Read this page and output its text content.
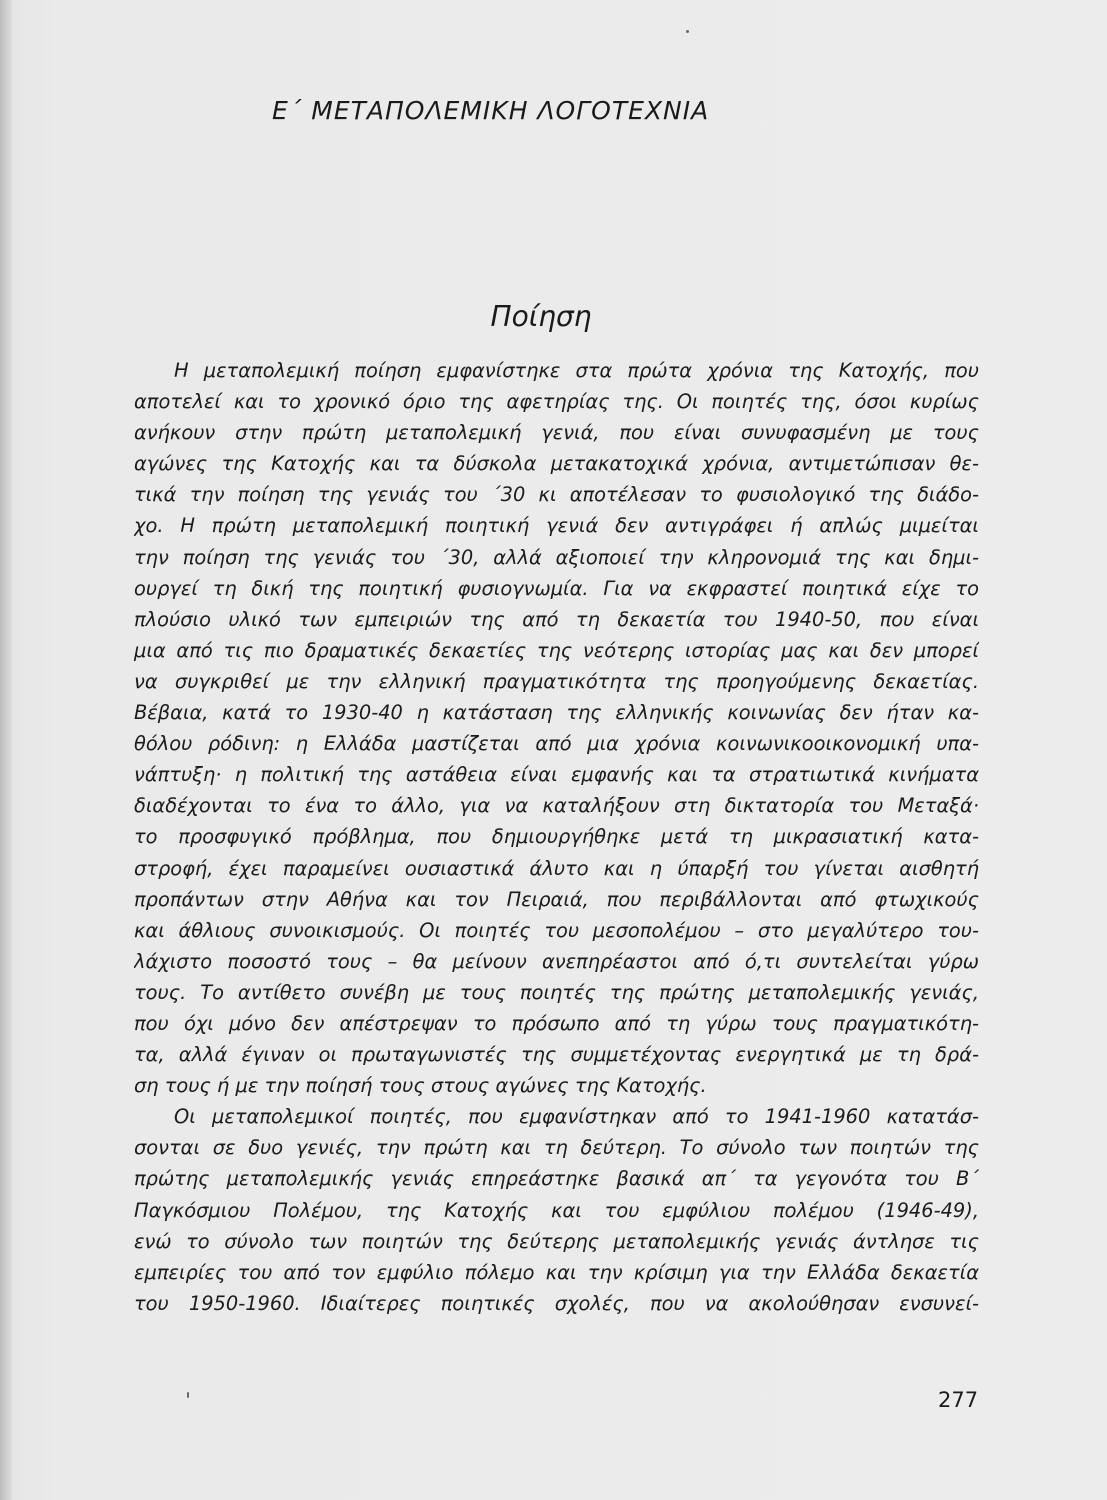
Ε΄ ΜΕΤΑΠΟΛΕΜΙΚΗ ΛΟΓΟΤΕΧΝΙΑ
Ποίηση
Η μεταπολεμική ποίηση εμφανίστηκε στα πρώτα χρόνια της Κατοχής, που
αποτελεί και το χρονικό όριο της αφετηρίας της. Οι ποιητές της, όσοι κυρίως
ανήκουν στην πρώτη μεταπολεμική γενιά, που είναι συνυφασμένη με τους
αγώνες της Κατοχής και τα δύσκολα μετακατοχικά χρόνια, αντιμετώπισαν θε-
τικά την ποίηση της γενιάς του ΄30 κι αποτέλεσαν το φυσιολογικό της διάδο-
χο. Η πρώτη μεταπολεμική ποιητική γενιά δεν αντιγράφει ή απλώς μιμείται
την ποίηση της γενιάς του ΄30, αλλά αξιοποιεί την κληρονομιά της και δημι-
ουργεί τη δική της ποιητική φυσιογνωμία. Για να εκφραστεί ποιητικά είχε το
πλούσιο υλικό των εμπειριών της από τη δεκαετία του 1940-50, που είναι
μια από τις πιο δραματικές δεκαετίες της νεότερης ιστορίας μας και δεν μπορεί
να συγκριθεί με την ελληνική πραγματικότητα της προηγούμενης δεκαετίας.
Βέβαια, κατά το 1930-40 η κατάσταση της ελληνικής κοινωνίας δεν ήταν κα-
θόλου ρόδινη: η Ελλάδα μαστίζεται από μια χρόνια κοινωνικοοικονομική υπα-
νάπτυξη· η πολιτική της αστάθεια είναι εμφανής και τα στρατιωτικά κινήματα
διαδέχονται το ένα το άλλο, για να καταλήξουν στη δικτατορία του Μεταξά·
το προσφυγικό πρόβλημα, που δημιουργήθηκε μετά τη μικρασιατική κατα-
στροφή, έχει παραμείνει ουσιαστικά άλυτο και η ύπαρξή του γίνεται αισθητή
προπάντων στην Αθήνα και τον Πειραιά, που περιβάλλονται από φτωχικούς
και άθλιους συνοικισμούς. Οι ποιητές του μεσοπολέμου – στο μεγαλύτερο του-
λάχιστο ποσοστό τους – θα μείνουν ανεπηρέαστοι από ό,τι συντελείται γύρω
τους. Το αντίθετο συνέβη με τους ποιητές της πρώτης μεταπολεμικής γενιάς,
που όχι μόνο δεν απέστρεψαν το πρόσωπο από τη γύρω τους πραγματικότη-
τα, αλλά έγιναν οι πρωταγωνιστές της συμμετέχοντας ενεργητικά με τη δρά-
ση τους ή με την ποίησή τους στους αγώνες της Κατοχής.
Οι μεταπολεμικοί ποιητές, που εμφανίστηκαν από το 1941-1960 κατατάσ-
σονται σε δυο γενιές, την πρώτη και τη δεύτερη. Το σύνολο των ποιητών της
πρώτης μεταπολεμικής γενιάς επηρεάστηκε βασικά απ΄ τα γεγονότα του Β΄
Παγκόσμιου Πολέμου, της Κατοχής και του εμφύλιου πολέμου (1946-49),
ενώ το σύνολο των ποιητών της δεύτερης μεταπολεμικής γενιάς άντλησε τις
εμπειρίες του από τον εμφύλιο πόλεμο και την κρίσιμη για την Ελλάδα δεκαετία
του 1950-1960. Ιδιαίτερες ποιητικές σχολές, που να ακολούθησαν ενσυνεί-
277
